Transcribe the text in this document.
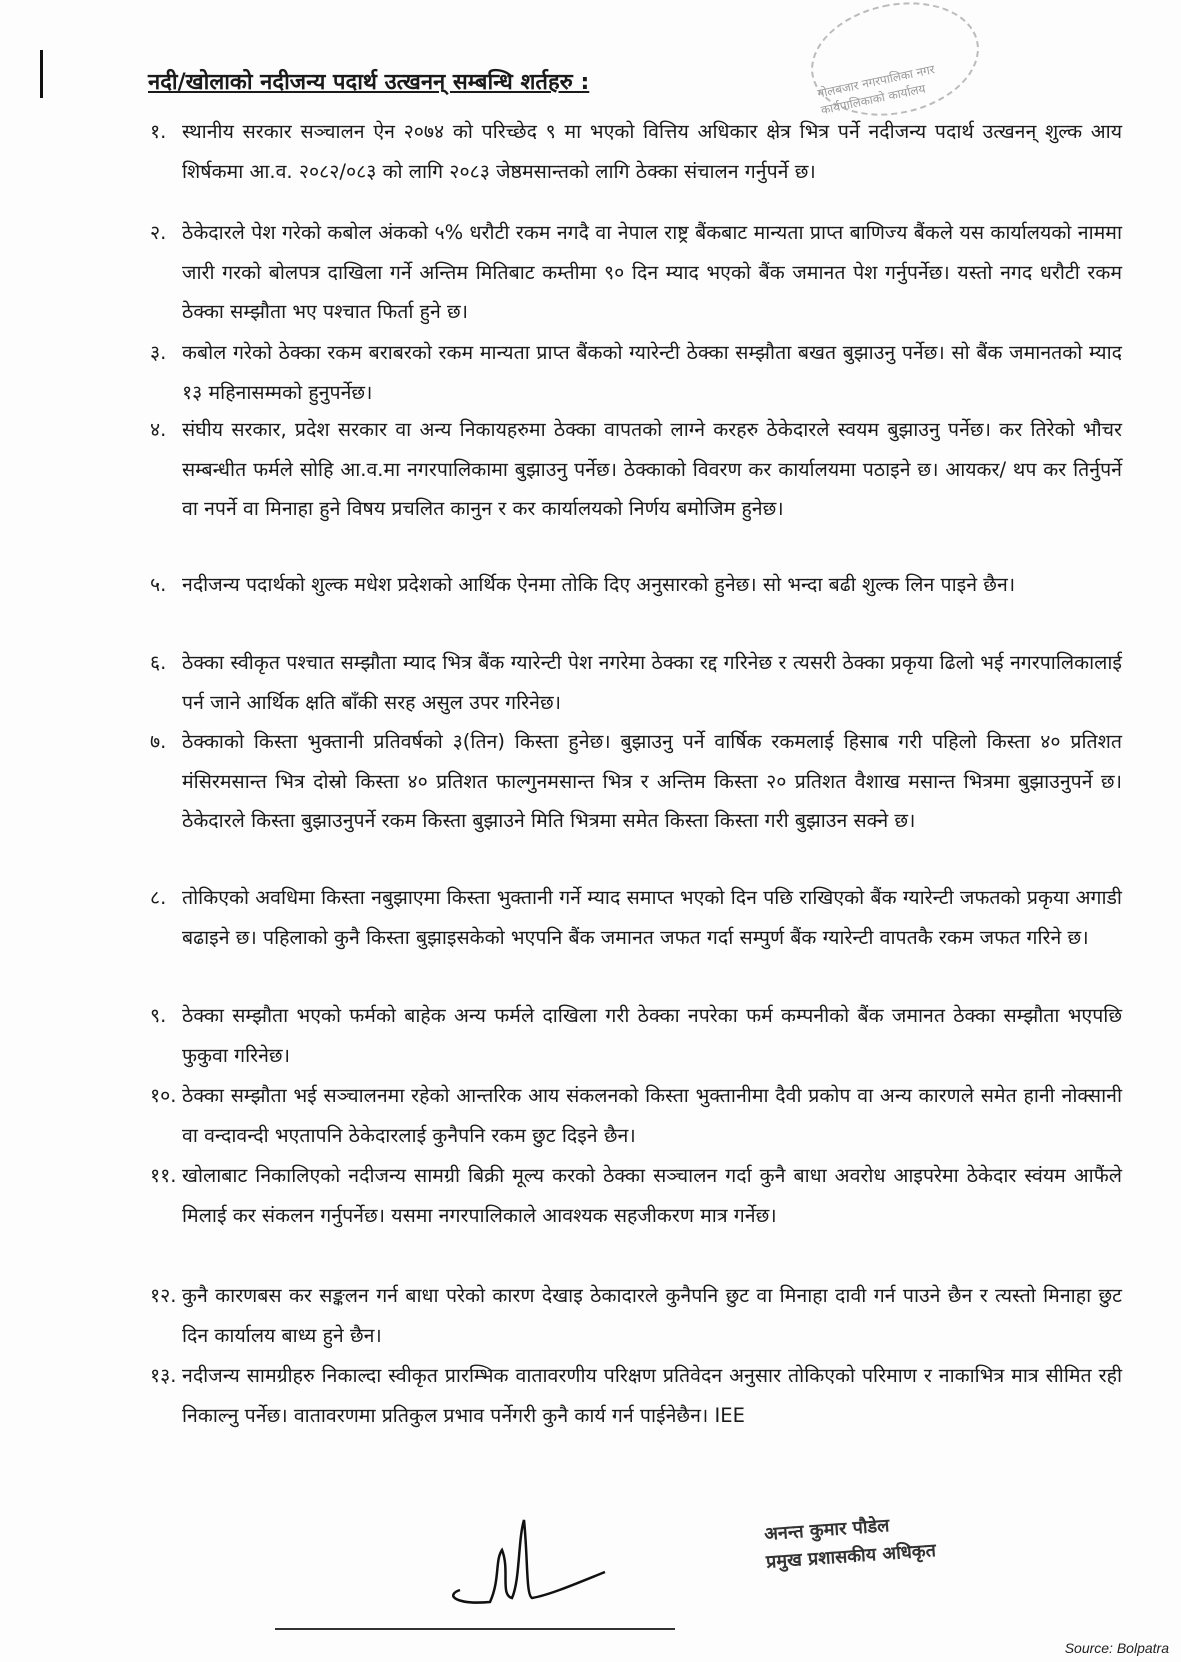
गोलबजार नगरपालिका नगर कार्यपालिकाको कार्यालय
नदी/खोलाको नदीजन्य पदार्थ उत्खनन् सम्बन्धि शर्तहरु :
१. स्थानीय सरकार सञ्चालन ऐन २०७४ को परिच्छेद ९ मा भएको वित्तिय अधिकार क्षेत्र भित्र पर्ने नदीजन्य पदार्थ उत्खनन् शुल्क आय शिर्षकमा आ.व. २०८२/०८३ को लागि २०८३ जेष्ठमसान्तको लागि ठेक्का संचालन गर्नुपर्ने छ।
२. ठेकेदारले पेश गरेको कबोल अंकको ५% धरौटी रकम नगदै वा नेपाल राष्ट्र बैंकबाट मान्यता प्राप्त बाणिज्य बैंकले यस कार्यालयको नाममा जारी गरको बोलपत्र दाखिला गर्ने अन्तिम मितिबाट कम्तीमा ९० दिन म्याद भएको बैंक जमानत पेश गर्नुपर्नेछ। यस्तो नगद धरौटी रकम ठेक्का सम्झौता भए पश्चात फिर्ता हुने छ।
३. कबोल गरेको ठेक्का रकम बराबरको रकम मान्यता प्राप्त बैंकको ग्यारेन्टी ठेक्का सम्झौता बखत बुझाउनु पर्नेछ। सो बैंक जमानतको म्याद १३ महिनासम्मको हुनुपर्नेछ।
४. संघीय सरकार, प्रदेश सरकार वा अन्य निकायहरुमा ठेक्का वापतको लाग्ने करहरु ठेकेदारले स्वयम बुझाउनु पर्नेछ। कर तिरेको भौचर सम्बन्धीत फर्मले सोहि आ.व.मा नगरपालिकामा बुझाउनु पर्नेछ। ठेक्काको विवरण कर कार्यालयमा पठाइने छ। आयकर/ थप कर तिर्नुपर्ने वा नपर्ने वा मिनाहा हुने विषय प्रचलित कानुन र कर कार्यालयको निर्णय बमोजिम हुनेछ।
५. नदीजन्य पदार्थको शुल्क मधेश प्रदेशको आर्थिक ऐनमा तोकि दिए अनुसारको हुनेछ। सो भन्दा बढी शुल्क लिन पाइने छैन।
६. ठेक्का स्वीकृत पश्चात सम्झौता म्याद भित्र बैंक ग्यारेन्टी पेश नगरेमा ठेक्का रद्द गरिनेछ र त्यसरी ठेक्का प्रकृया ढिलो भई नगरपालिकालाई पर्न जाने आर्थिक क्षति बाँकी सरह असुल उपर गरिनेछ।
७. ठेक्काको किस्ता भुक्तानी प्रतिवर्षको ३(तिन) किस्ता हुनेछ। बुझाउनु पर्ने वार्षिक रकमलाई हिसाब गरी पहिलो किस्ता ४० प्रतिशत मंसिरमसान्त भित्र दोस्रो किस्ता ४० प्रतिशत फाल्गुनमसान्त भित्र र अन्तिम किस्ता २० प्रतिशत वैशाख मसान्त भित्रमा बुझाउनुपर्ने छ। ठेकेदारले किस्ता बुझाउनुपर्ने रकम किस्ता बुझाउने मिति भित्रमा समेत किस्ता किस्ता गरी बुझाउन सक्ने छ।
८. तोकिएको अवधिमा किस्ता नबुझाएमा किस्ता भुक्तानी गर्ने म्याद समाप्त भएको दिन पछि राखिएको बैंक ग्यारेन्टी जफतको प्रकृया अगाडी बढाइने छ। पहिलाको कुनै किस्ता बुझाइसकेको भएपनि बैंक जमानत जफत गर्दा सम्पुर्ण बैंक ग्यारेन्टी वापतकै रकम जफत गरिने छ।
९. ठेक्का सम्झौता भएको फर्मको बाहेक अन्य फर्मले दाखिला गरी ठेक्का नपरेका फर्म कम्पनीको बैंक जमानत ठेक्का सम्झौता भएपछि फुकुवा गरिनेछ।
१०. ठेक्का सम्झौता भई सञ्चालनमा रहेको आन्तरिक आय संकलनको किस्ता भुक्तानीमा दैवी प्रकोप वा अन्य कारणले समेत हानी नोक्सानी वा वन्दावन्दी भएतापनि ठेकेदारलाई कुनैपनि रकम छुट दिइने छैन।
११. खोलाबाट निकालिएको नदीजन्य सामग्री बिक्री मूल्य करको ठेक्का सञ्चालन गर्दा कुनै बाधा अवरोध आइपरेमा ठेकेदार स्वंयम आफैंले मिलाई कर संकलन गर्नुपर्नेछ। यसमा नगरपालिकाले आवश्यक सहजीकरण मात्र गर्नेछ।
१२. कुनै कारणबस कर सङ्कलन गर्न बाधा परेको कारण देखाइ ठेकादारले कुनैपनि छुट वा मिनाहा दावी गर्न पाउने छैन र त्यस्तो मिनाहा छुट दिन कार्यालय बाध्य हुने छैन।
१३. नदीजन्य सामग्रीहरु निकाल्दा स्वीकृत प्रारम्भिक वातावरणीय परिक्षण प्रतिवेदन अनुसार तोकिएको परिमाण र नाकाभित्र मात्र सीमित रही निकाल्नु पर्नेछ। वातावरणमा प्रतिकुल प्रभाव पर्नेगरी कुनै कार्य गर्न पाईनेछैन। IEE
अनन्त कुमार पौडेल
प्रमुख प्रशासकीय अधिकृत
Source: Bolpatra
